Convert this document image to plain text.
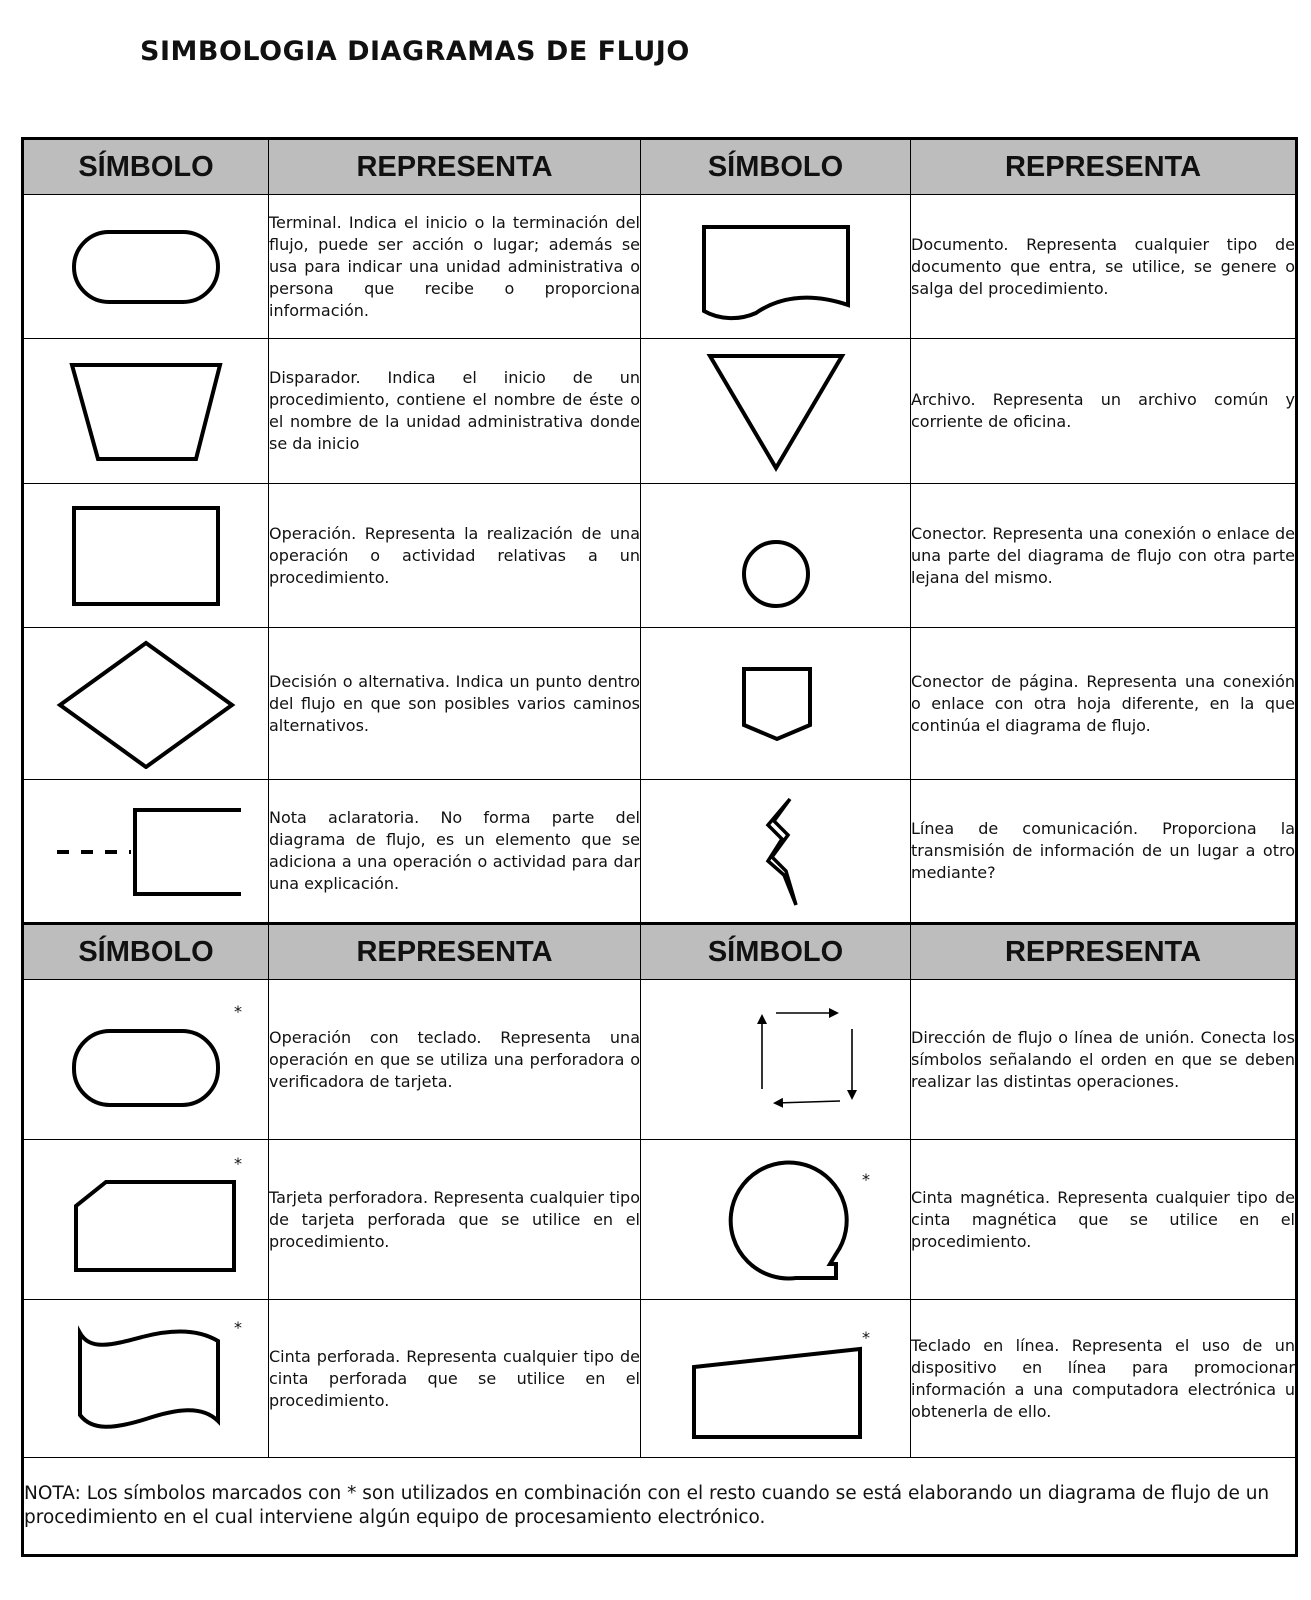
SIMBOLOGIA DIAGRAMAS DE FLUJO
SÍMBOLO	REPRESENTA	SÍMBOLO	REPRESENTA

	Terminal. Indica el inicio o la terminación del flujo, puede ser acción o lugar; además se usa para indicar una unidad administrativa o persona que recibe o proporciona información.		Documento. Representa cualquier tipo de documento que entra, se utilice, se genere o salga del procedimiento.

	Disparador. Indica el inicio de un procedimiento, contiene el nombre de éste o el nombre de la unidad administrativa donde se da inicio		Archivo. Representa un archivo común y corriente de oficina.

	Operación. Representa la realización de una operación o actividad relativas a un procedimiento.		Conector. Representa una conexión o enlace de una parte del diagrama de flujo con otra parte lejana del mismo.

	Decisión o alternativa. Indica un punto dentro del flujo en que son posibles varios caminos alternativos.		Conector de página. Representa una conexión o enlace con otra hoja diferente, en la que continúa el diagrama de flujo.

	Nota aclaratoria. No forma parte del diagrama de flujo, es un elemento que se adiciona a una operación o actividad para dar una explicación.		Línea de comunicación. Proporciona la transmisión de información de un lugar a otro mediante?
SÍMBOLO	REPRESENTA	SÍMBOLO	REPRESENTA

*	Operación con teclado. Representa una operación en que se utiliza una perforadora o verificadora de tarjeta.		Dirección de flujo o línea de unión. Conecta los símbolos señalando el orden en que se deben realizar las distintas operaciones.

*	Tarjeta perforadora. Representa cualquier tipo de tarjeta perforada que se utilice en el procedimiento.	*	Cinta magnética. Representa cualquier tipo de cinta magnética que se utilice en el procedimiento.

*	Cinta perforada. Representa cualquier tipo de cinta perforada que se utilice en el procedimiento.	*	Teclado en línea. Representa el uso de un dispositivo en línea para promocionar información a una computadora electrónica u obtenerla de ello.
NOTA: Los símbolos marcados con * son utilizados en combinación con el resto cuando se está elaborando un diagrama de flujo de un procedimiento en el cual interviene algún equipo de procesamiento electrónico.			
